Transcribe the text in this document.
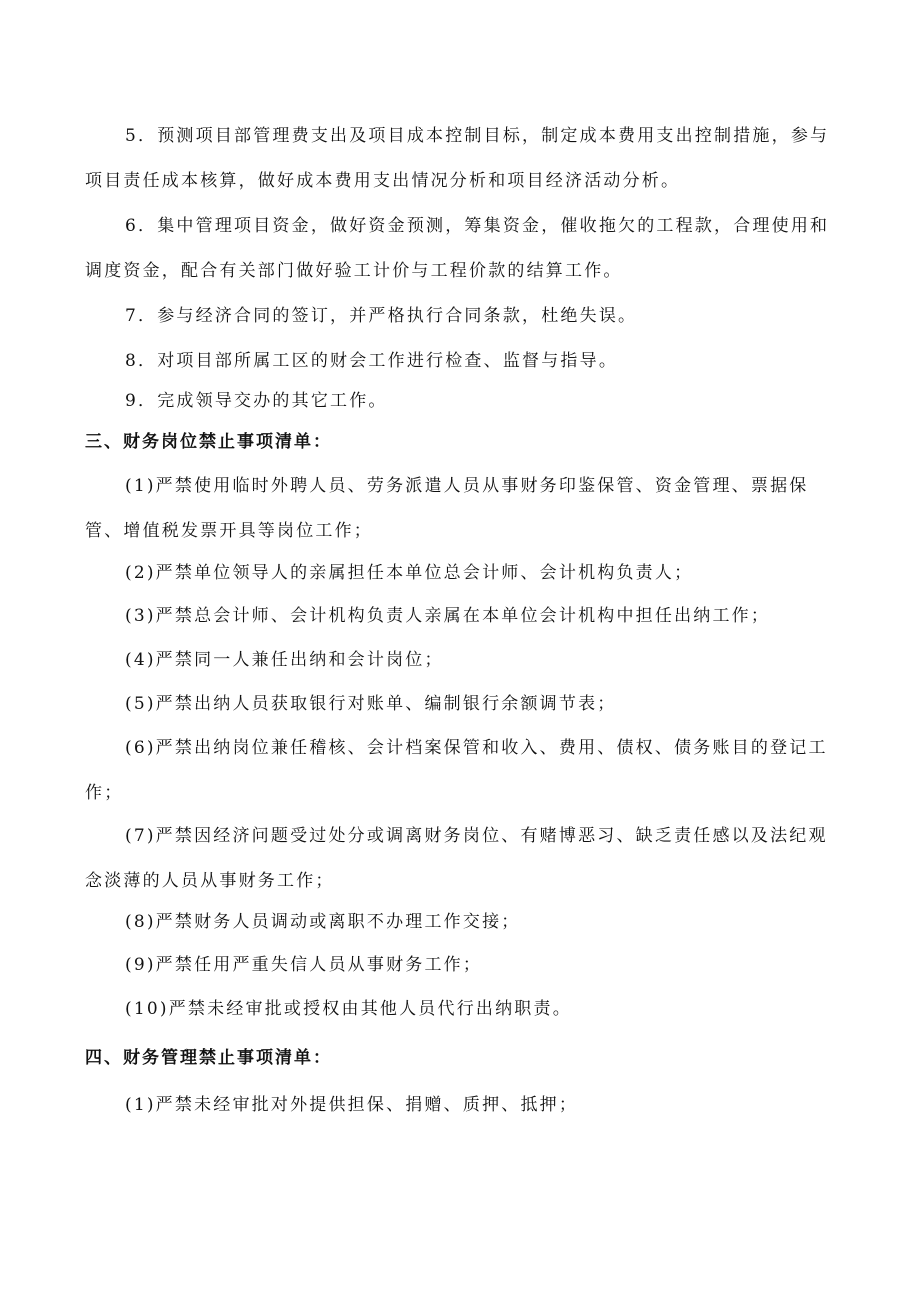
5．预测项目部管理费支出及项目成本控制目标，制定成本费用支出控制措施，参与项目责任成本核算，做好成本费用支出情况分析和项目经济活动分析。

6．集中管理项目资金，做好资金预测，筹集资金，催收拖欠的工程款，合理使用和调度资金，配合有关部门做好验工计价与工程价款的结算工作。

7．参与经济合同的签订，并严格执行合同条款，杜绝失误。

8．对项目部所属工区的财会工作进行检查、监督与指导。

9．完成领导交办的其它工作。

三、财务岗位禁止事项清单：

(1)严禁使用临时外聘人员、劳务派遣人员从事财务印鉴保管、资金管理、票据保管、增值税发票开具等岗位工作；

(2)严禁单位领导人的亲属担任本单位总会计师、会计机构负责人；

(3)严禁总会计师、会计机构负责人亲属在本单位会计机构中担任出纳工作；

(4)严禁同一人兼任出纳和会计岗位；

(5)严禁出纳人员获取银行对账单、编制银行余额调节表；

(6)严禁出纳岗位兼任稽核、会计档案保管和收入、费用、债权、债务账目的登记工作；

(7)严禁因经济问题受过处分或调离财务岗位、有赌博恶习、缺乏责任感以及法纪观念淡薄的人员从事财务工作；

(8)严禁财务人员调动或离职不办理工作交接；

(9)严禁任用严重失信人员从事财务工作；

(10)严禁未经审批或授权由其他人员代行出纳职责。

四、财务管理禁止事项清单：

(1)严禁未经审批对外提供担保、捐赠、质押、抵押；
